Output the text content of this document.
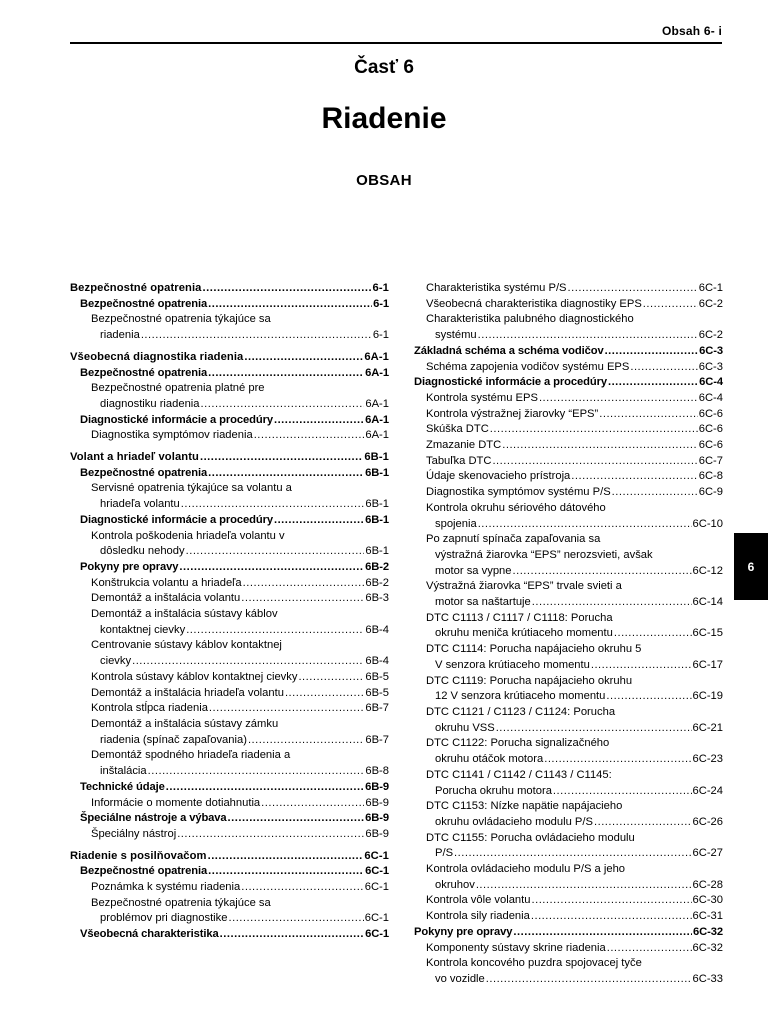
Obsah 6- i
Časť 6
Riadenie
OBSAH
Bezpečnostné opatrenia .....	6-1
Bezpečnostné opatrenia .....	6-1
Bezpečnostné opatrenia týkajúce sa
riadenia .....	6-1
Všeobecná diagnostika riadenia .....	6A-1
Bezpečnostné opatrenia .....	6A-1
Bezpečnostné opatrenia platné pre
diagnostiku riadenia .....	6A-1
Diagnostické informácie a procedúry .....	6A-1
Diagnostika symptómov riadenia .....	6A-1
Volant a hriadeľ volantu .....	6B-1
Bezpečnostné opatrenia .....	6B-1
Servisné opatrenia týkajúce sa volantu a
hriadeľa volantu .....	6B-1
Diagnostické informácie a procedúry .....	6B-1
Kontrola poškodenia hriadeľa volantu v
dôsledku nehody .....	6B-1
Pokyny pre opravy .....	6B-2
Konštrukcia volantu a hriadeľa .....	6B-2
Demontáž a inštalácia volantu .....	6B-3
Demontáž a inštalácia sústavy káblov
kontaktnej cievky .....	6B-4
Centrovanie sústavy káblov kontaktnej
cievky .....	6B-4
Kontrola sústavy káblov kontaktnej cievky .....	6B-5
Demontáž a inštalácia hriadeľa volantu .....	6B-5
Kontrola stĺpca riadenia .....	6B-7
Demontáž a inštalácia sústavy zámku
riadenia (spínač zapaľovania) .....	6B-7
Demontáž spodného hriadeľa riadenia a
inštalácia .....	6B-8
Technické údaje .....	6B-9
Informácie o momente dotiahnutia .....	6B-9
Špeciálne nástroje a výbava .....	6B-9
Špeciálny nástroj .....	6B-9
Riadenie s posilňovačom .....	6C-1
Bezpečnostné opatrenia .....	6C-1
Poznámka k systému riadenia .....	6C-1
Bezpečnostné opatrenia týkajúce sa
problémov pri diagnostike .....	6C-1
Všeobecná charakteristika .....	6C-1
Charakteristika systému P/S .....	6C-1
Všeobecná charakteristika diagnostiky EPS .....	6C-2
Charakteristika palubného diagnostického
systému .....	6C-2
Základná schéma a schéma vodičov .....	6C-3
Schéma zapojenia vodičov systému EPS .....	6C-3
Diagnostické informácie a procedúry .....	6C-4
Kontrola systému EPS .....	6C-4
Kontrola výstražnej žiarovky “EPS” .....	6C-6
Skúška DTC .....	6C-6
Zmazanie DTC .....	6C-6
Tabuľka DTC .....	6C-7
Údaje skenovacieho prístroja .....	6C-8
Diagnostika symptómov systému P/S .....	6C-9
Kontrola okruhu sériového dátového
spojenia .....	6C-10
Po zapnutí spínača zapaľovania sa
výstražná žiarovka “EPS” nerozsvieti, avšak
motor sa vypne .....	6C-12
Výstražná žiarovka “EPS” trvale svieti a
motor sa naštartuje .....	6C-14
DTC C1113 / C1117 / C1118: Porucha
okruhu meniča krútiaceho momentu .....	6C-15
DTC C1114: Porucha napájacieho okruhu 5
V senzora krútiaceho momentu .....	6C-17
DTC C1119: Porucha napájacieho okruhu
12 V senzora krútiaceho momentu .....	6C-19
DTC C1121 / C1123 / C1124: Porucha
okruhu VSS .....	6C-21
DTC C1122: Porucha signalizačného
okruhu otáčok motora .....	6C-23
DTC C1141 / C1142 / C1143 / C1145:
Porucha okruhu motora .....	6C-24
DTC C1153: Nízke napätie napájacieho
okruhu ovládacieho modulu P/S .....	6C-26
DTC C1155: Porucha ovládacieho modulu
P/S .....	6C-27
Kontrola ovládacieho modulu P/S a jeho
okruhov .....	6C-28
Kontrola vôle volantu .....	6C-30
Kontrola sily riadenia .....	6C-31
Pokyny pre opravy .....	6C-32
Komponenty sústavy skrine riadenia .....	6C-32
Kontrola koncového puzdra spojovacej tyče
vo vozidle .....	6C-33
6
